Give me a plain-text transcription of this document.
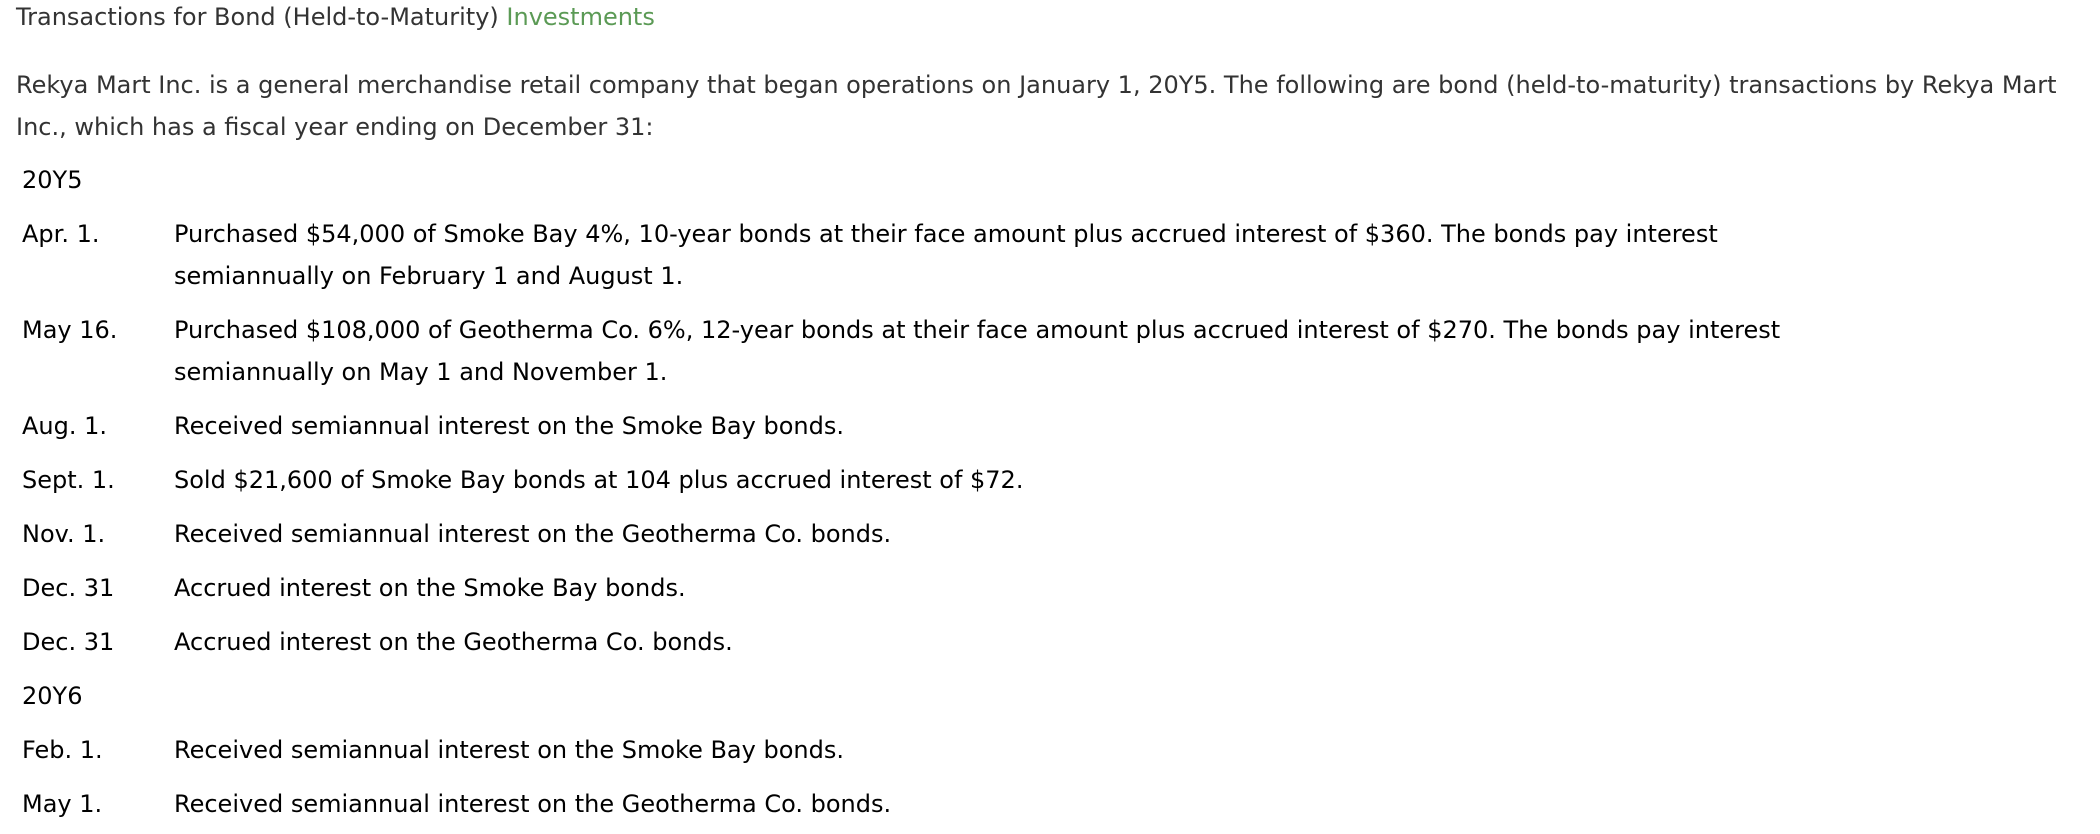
Transactions for Bond (Held-to-Maturity) Investments

Rekya Mart Inc. is a general merchandise retail company that began operations on January 1, 20Y5. The following are bond (held-to-maturity) transactions by Rekya Mart Inc., which has a fiscal year ending on December 31:

20Y5
Apr. 1.	Purchased $54,000 of Smoke Bay 4%, 10-year bonds at their face amount plus accrued interest of $360. The bonds pay interest semiannually on February 1 and August 1.
May 16.	Purchased $108,000 of Geotherma Co. 6%, 12-year bonds at their face amount plus accrued interest of $270. The bonds pay interest semiannually on May 1 and November 1.
Aug. 1.	Received semiannual interest on the Smoke Bay bonds.
Sept. 1.	Sold $21,600 of Smoke Bay bonds at 104 plus accrued interest of $72.
Nov. 1.	Received semiannual interest on the Geotherma Co. bonds.
Dec. 31	Accrued interest on the Smoke Bay bonds.
Dec. 31	Accrued interest on the Geotherma Co. bonds.
20Y6
Feb. 1.	Received semiannual interest on the Smoke Bay bonds.
May 1.	Received semiannual interest on the Geotherma Co. bonds.
